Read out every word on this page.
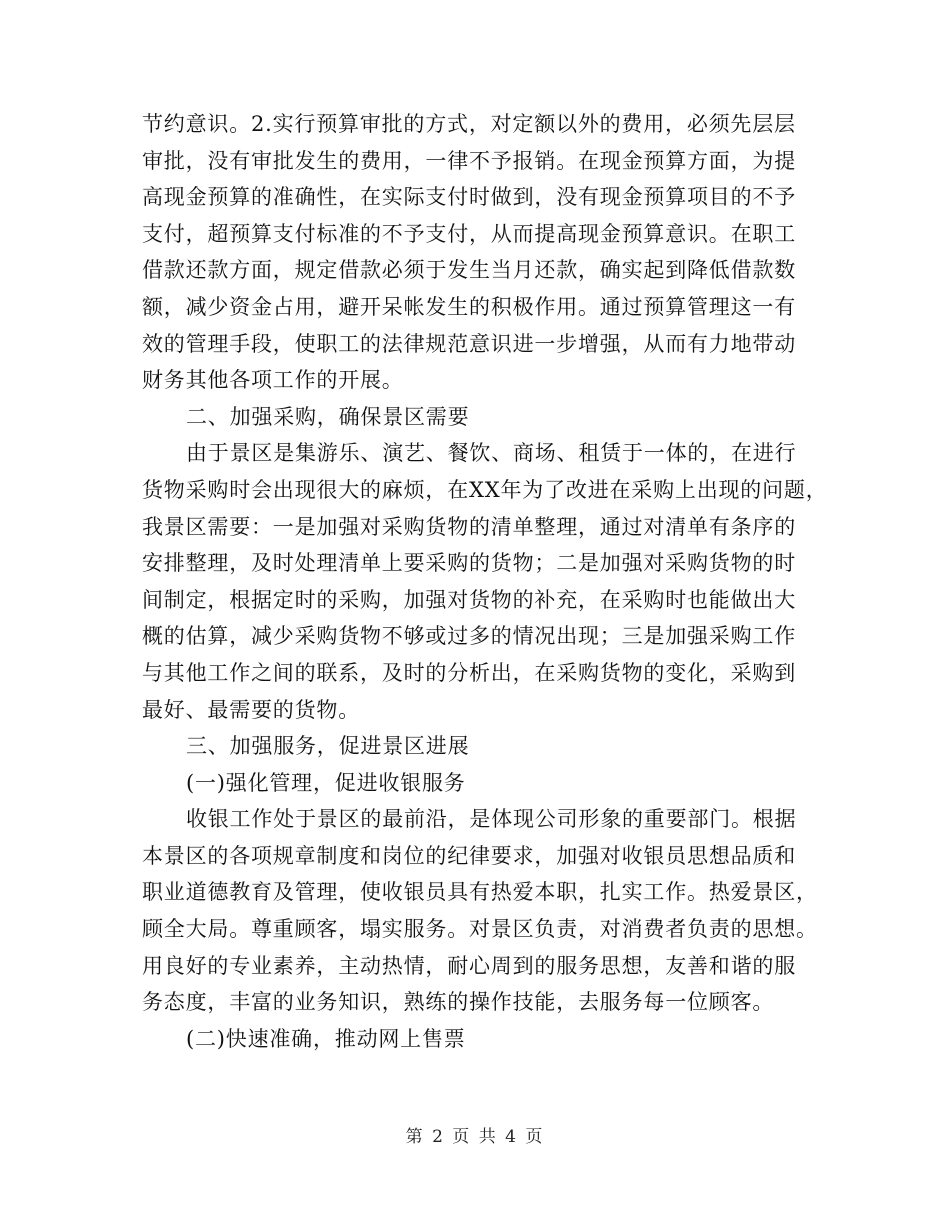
节约意识。2.实行预算审批的方式，对定额以外的费用，必须先层层
审批，没有审批发生的费用，一律不予报销。在现金预算方面，为提
高现金预算的准确性，在实际支付时做到，没有现金预算项目的不予
支付，超预算支付标准的不予支付，从而提高现金预算意识。在职工
借款还款方面，规定借款必须于发生当月还款，确实起到降低借款数
额，减少资金占用，避开呆帐发生的积极作用。通过预算管理这一有
效的管理手段，使职工的法律规范意识进一步增强，从而有力地带动
财务其他各项工作的开展。
二、加强采购，确保景区需要
由于景区是集游乐、演艺、餐饮、商场、租赁于一体的，在进行
货物采购时会出现很大的麻烦，在XX年为了改进在采购上出现的问题，
我景区需要：一是加强对采购货物的清单整理，通过对清单有条序的
安排整理，及时处理清单上要采购的货物；二是加强对采购货物的时
间制定，根据定时的采购，加强对货物的补充，在采购时也能做出大
概的估算，减少采购货物不够或过多的情况出现；三是加强采购工作
与其他工作之间的联系，及时的分析出，在采购货物的变化，采购到
最好、最需要的货物。
三、加强服务，促进景区进展
(一)强化管理，促进收银服务
收银工作处于景区的最前沿，是体现公司形象的重要部门。根据
本景区的各项规章制度和岗位的纪律要求，加强对收银员思想品质和
职业道德教育及管理，使收银员具有热爱本职，扎实工作。热爱景区，
顾全大局。尊重顾客，塌实服务。对景区负责，对消费者负责的思想。
用良好的专业素养，主动热情，耐心周到的服务思想，友善和谐的服
务态度，丰富的业务知识，熟练的操作技能，去服务每一位顾客。
(二)快速准确，推动网上售票
第 2 页 共 4 页
